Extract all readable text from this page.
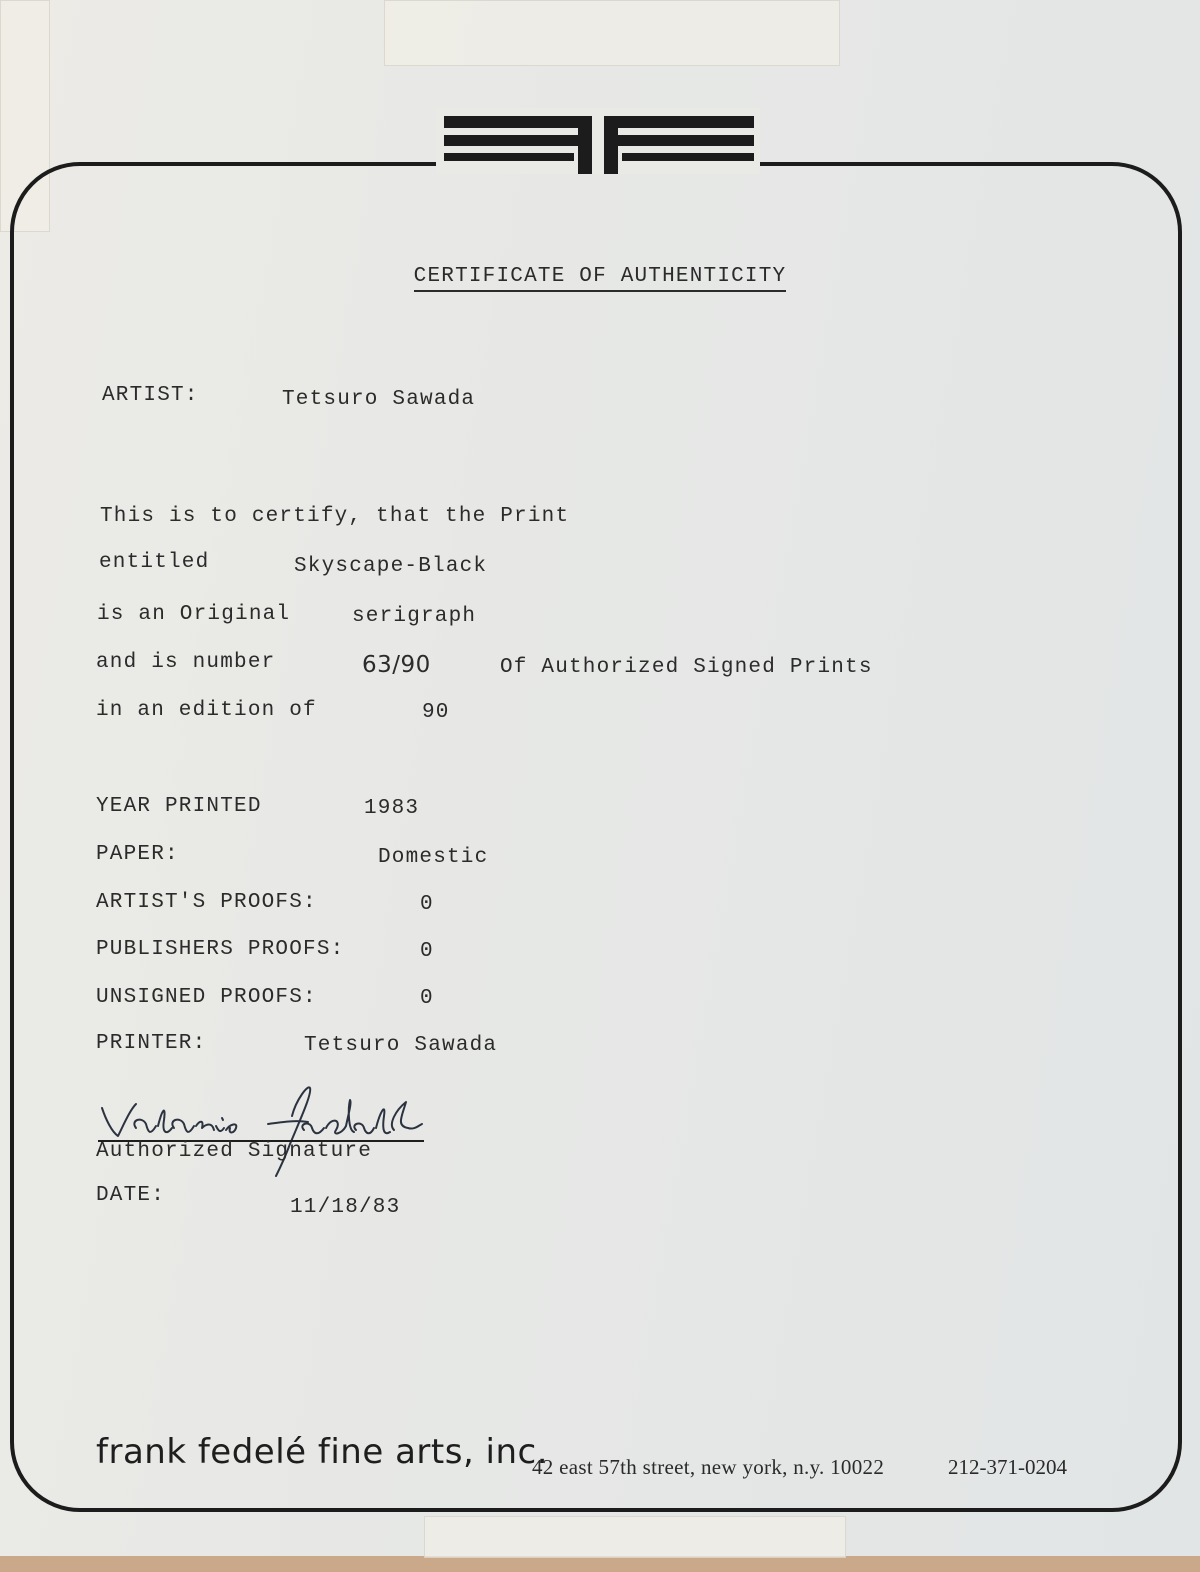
CERTIFICATE OF AUTHENTICITY
ARTIST:	Tetsuro Sawada
This is to certify, that the Print
entitled	Skyscape-Black
is an Original	serigraph
and is number	63/90	Of Authorized Signed Prints
in an edition of	90
YEAR PRINTED	1983
PAPER:	Domestic
ARTIST'S PROOFS:	0
PUBLISHERS PROOFS:	0
UNSIGNED PROOFS:	0
PRINTER:	Tetsuro Sawada
Authorized Signature
DATE:
11/18/83
frank fedelé fine arts, inc.
42 east 57th street, new york, n.y. 10022	212-371-0204
